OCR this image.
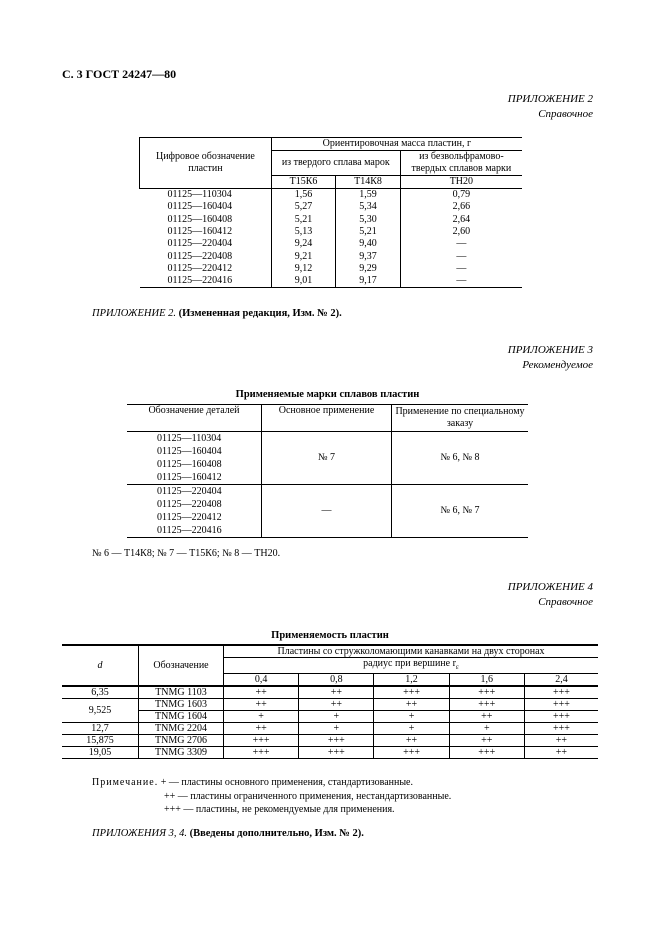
С. 3 ГОСТ 24247—80
ПРИЛОЖЕНИЕ 2
Справочное
Цифровое обозначение пластин	Ориентировочная масса пластин, г		
	из твердого сплава марок		из безвольфрамово-твердых сплавов марки
	Т15К6	Т14К8	ТН20
01125—110304	1,56	1,59	0,79
01125—160404	5,27	5,34	2,66
01125—160408	5,21	5,30	2,64
01125—160412	5,13	5,21	2,60
01125—220404	9,24	9,40	—
01125—220408	9,21	9,37	—
01125—220412	9,12	9,29	—
01125—220416	9,01	9,17	—
ПРИЛОЖЕНИЕ 2. (Измененная редакция, Изм. № 2).
ПРИЛОЖЕНИЕ 3
Рекомендуемое
Применяемые марки сплавов пластин
Обозначение деталей	Основное применение	Применение по специальному заказу

01125—110304
01125—160404
01125—160408
01125—160412	№ 7	№ 6, № 8

01125—220404
01125—220408
01125—220412
01125—220416	—	№ 6, № 7
№ 6 — Т14К8; № 7 — Т15К6; № 8 — ТН20.
ПРИЛОЖЕНИЕ 4
Справочное
Применяемость пластин
d	Обозначение	Пластины со стружколомающими канавками на двух сторонах				
		радиус при вершине $r_\varepsilon$
		0,4	0,8	1,2	1,6	2,4
6,35	TNMG 1103	++	++	+++	+++	+++
9,525	TNMG 1603	++	++	++	+++	+++
	TNMG 1604	+	+	+	++	+++
12,7	TNMG 2204	++	+	+	+	+++
15,875	TNMG 2706	+++	+++	++	++	++
19,05	TNMG 3309	+++	+++	+++	+++	++
Примечание. + — пластины основного применения, стандартизованные.
++ — пластины ограниченного применения, нестандартизованные.
+++ — пластины, не рекомендуемые для применения.
ПРИЛОЖЕНИЯ 3, 4. (Введены дополнительно, Изм. № 2).
